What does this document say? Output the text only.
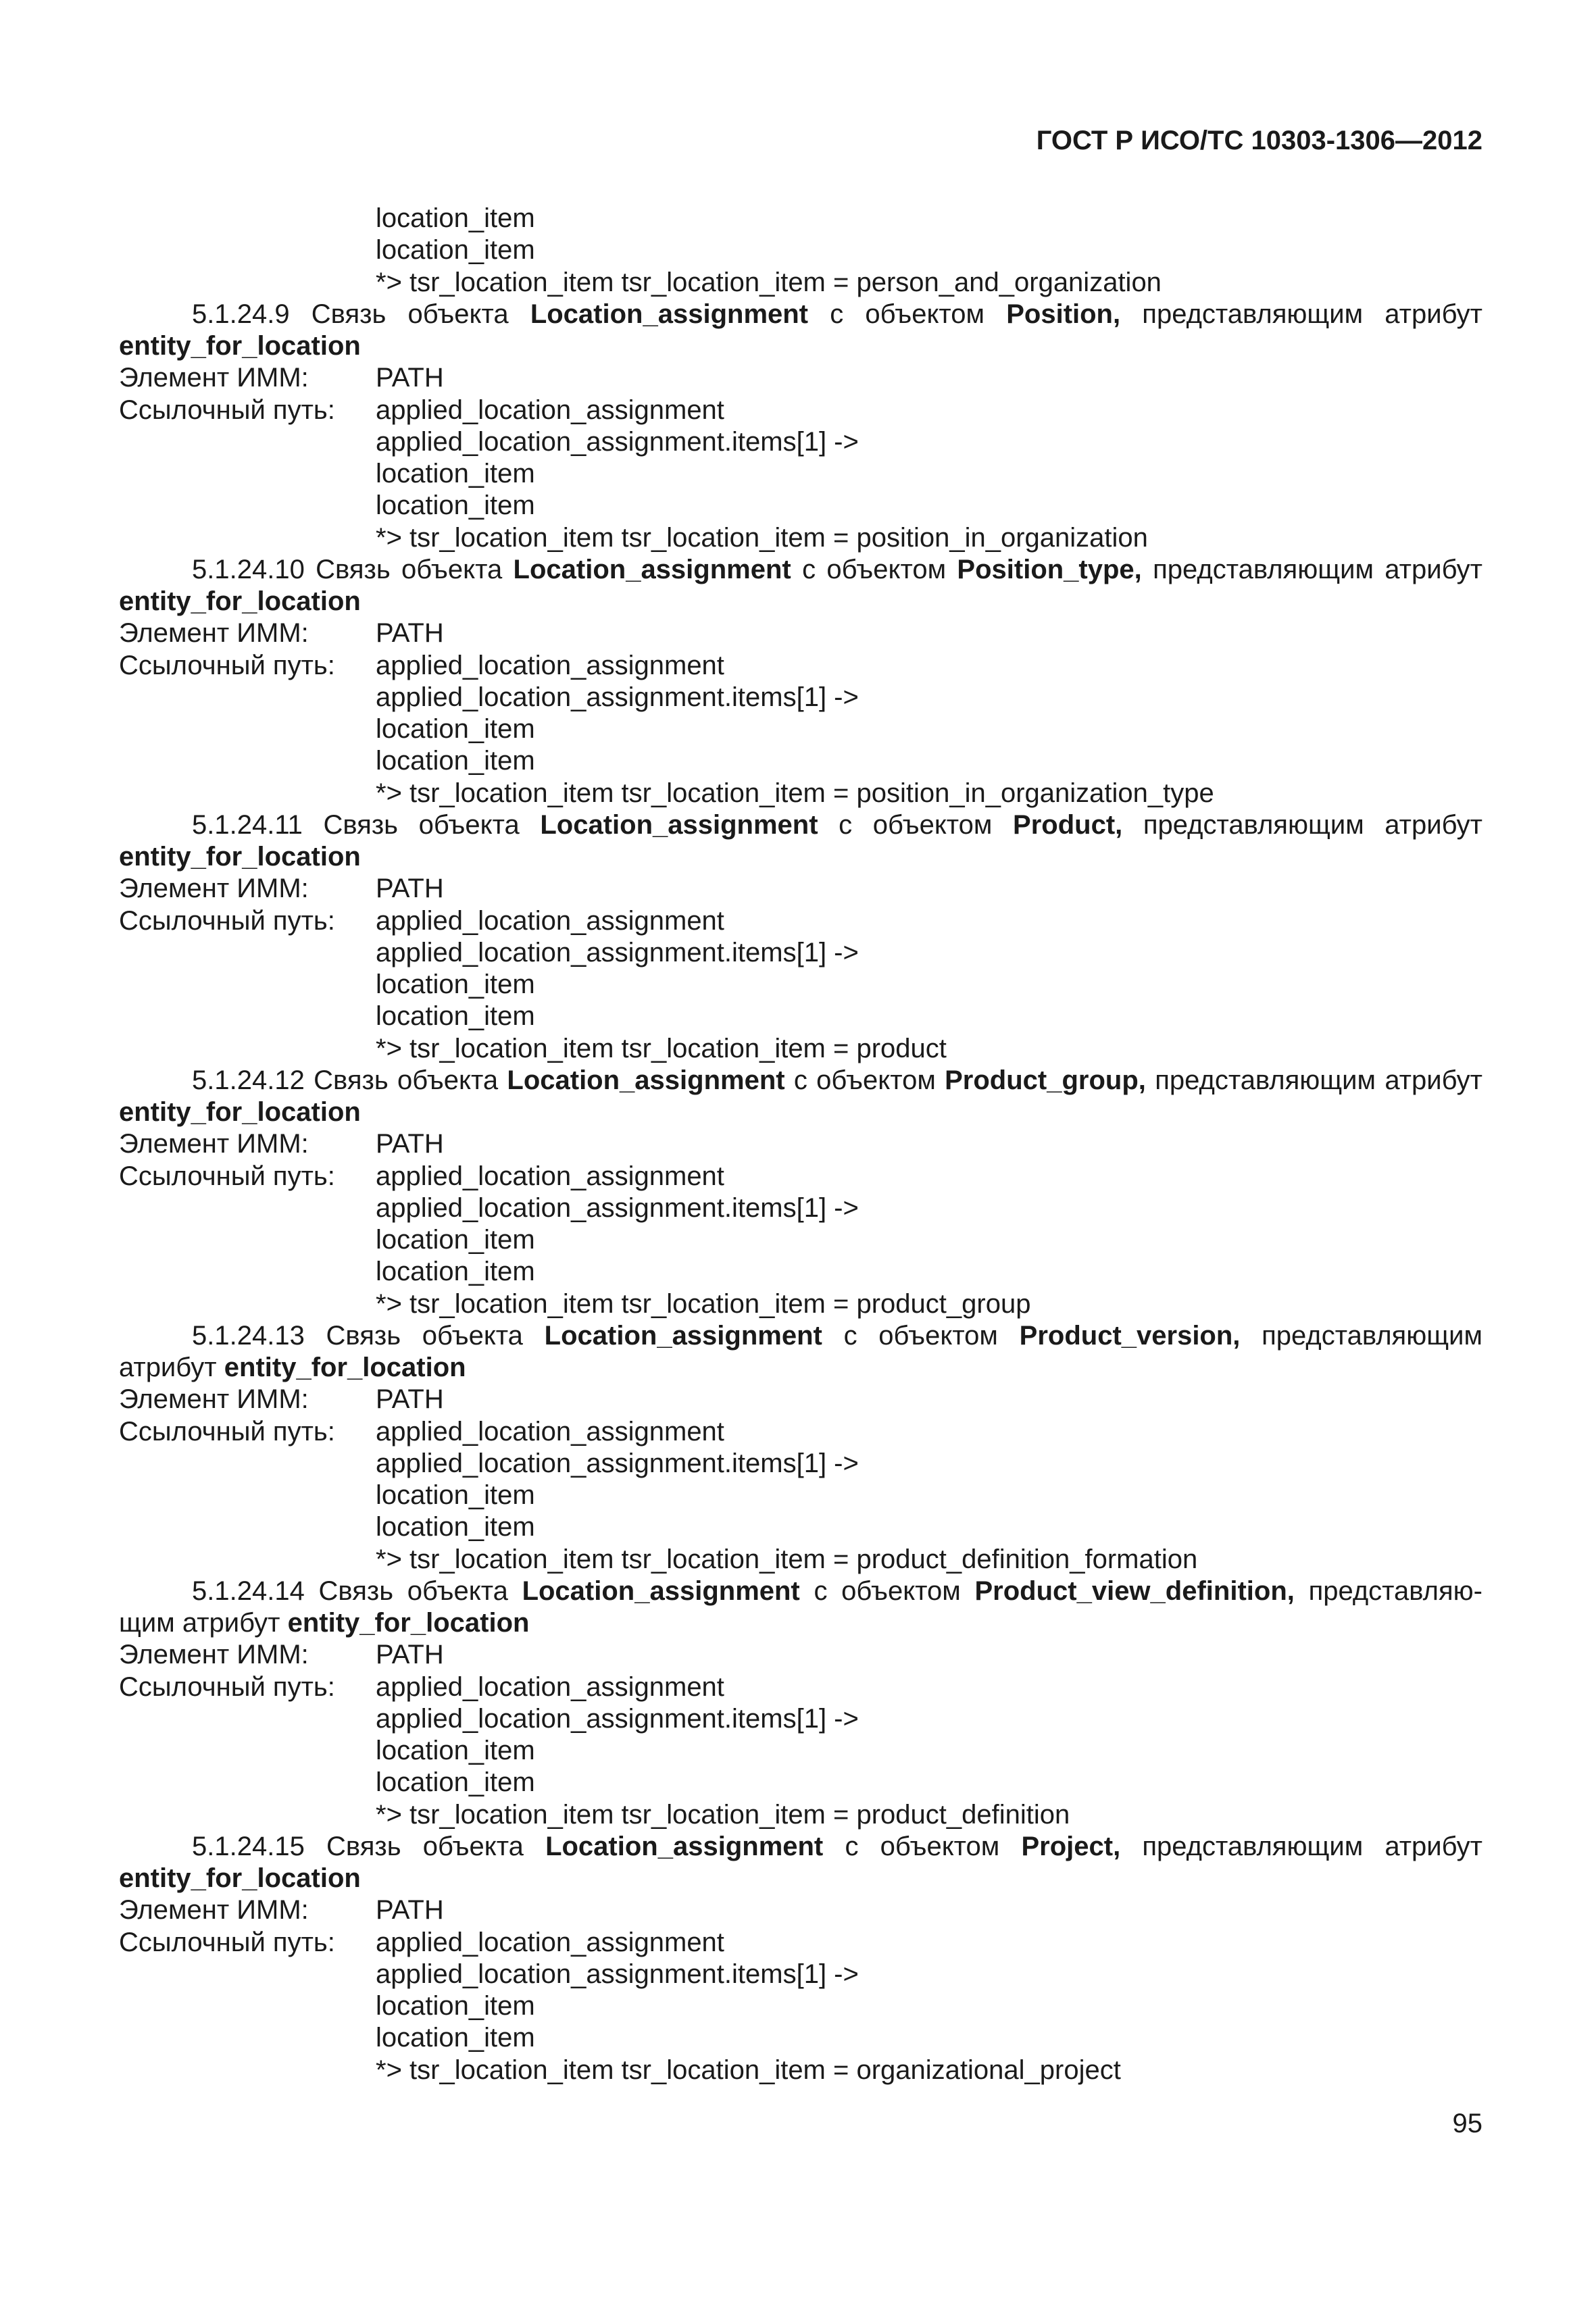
ГОСТ Р ИСО/ТС 10303-1306—2012
location_item
location_item
*> tsr_location_item tsr_location_item = person_and_organization

5.1.24.9 Связь объекта Location_assignment с объектом Position, представляющим атрибут entity_for_location

Элемент ИММ:	PATH
Ссылочный путь:	applied_location_assignment
applied_location_assignment.items[1] ->
location_item
location_item
*> tsr_location_item tsr_location_item = position_in_organization

5.1.24.10 Связь объекта Location_assignment с объектом Position_type, представляющим атрибут entity_for_location

Элемент ИММ:	PATH
Ссылочный путь:	applied_location_assignment
applied_location_assignment.items[1] ->
location_item
location_item
*> tsr_location_item tsr_location_item = position_in_organization_type

5.1.24.11 Связь объекта Location_assignment с объектом Product, представляющим атрибут entity_for_location

Элемент ИММ:	PATH
Ссылочный путь:	applied_location_assignment
applied_location_assignment.items[1] ->
location_item
location_item
*> tsr_location_item tsr_location_item = product

5.1.24.12 Связь объекта Location_assignment с объектом Product_group, представляющим атрибут entity_for_location

Элемент ИММ:	PATH
Ссылочный путь:	applied_location_assignment
applied_location_assignment.items[1] ->
location_item
location_item
*> tsr_location_item tsr_location_item = product_group

5.1.24.13 Связь объекта Location_assignment с объектом Product_version, представляющим атрибут entity_for_location

Элемент ИММ:	PATH
Ссылочный путь:	applied_location_assignment
applied_location_assignment.items[1] ->
location_item
location_item
*> tsr_location_item tsr_location_item = product_definition_formation

5.1.24.14 Связь объекта Location_assignment с объектом Product_view_definition, представляю-щим атрибут entity_for_location

Элемент ИММ:	PATH
Ссылочный путь:	applied_location_assignment
applied_location_assignment.items[1] ->
location_item
location_item
*> tsr_location_item tsr_location_item = product_definition

5.1.24.15 Связь объекта Location_assignment с объектом Project, представляющим атрибут entity_for_location

Элемент ИММ:	PATH
Ссылочный путь:	applied_location_assignment
applied_location_assignment.items[1] ->
location_item
location_item
*> tsr_location_item tsr_location_item = organizational_project
95
